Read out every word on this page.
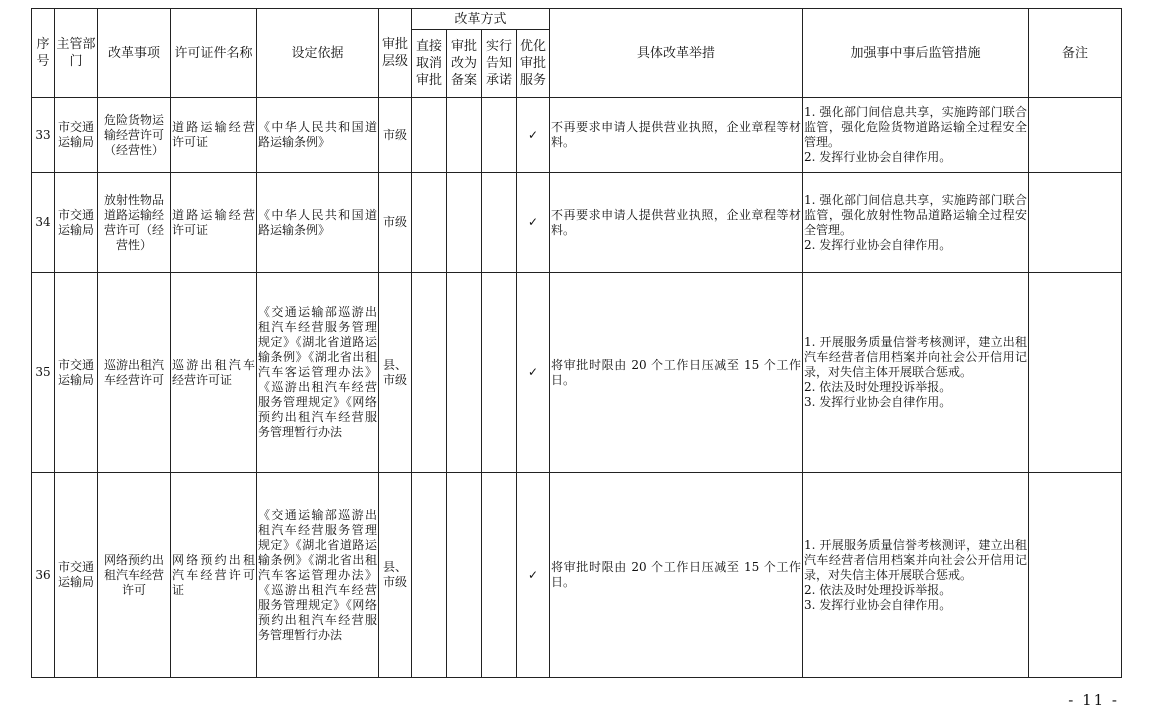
序号	主管部门	改革事项	许可证件名称	设定依据	审批层级	改革方式				具体改革举措	加强事中事后监管措施	备注
						直接取消审批	审批改为备案	实行告知承诺	优化审批服务			
33	市交通运输局	危险货物运输经营许可（经营性）	道路运输经营许可证	《中华人民共和国道路运输条例》	市级				✓	不再要求申请人提供营业执照，企业章程等材料。	1. 强化部门间信息共享，实施跨部门联合监管，强化危险货物道路运输全过程安全管理。
2. 发挥行业协会自律作用。	
34	市交通运输局	放射性物品道路运输经营许可（经营性）	道路运输经营许可证	《中华人民共和国道路运输条例》	市级				✓	不再要求申请人提供营业执照，企业章程等材料。	1. 强化部门间信息共享，实施跨部门联合监管，强化放射性物品道路运输全过程安全管理。
2. 发挥行业协会自律作用。	
35	市交通运输局	巡游出租汽车经营许可	巡游出租汽车经营许可证	《交通运输部巡游出租汽车经营服务管理规定》《湖北省道路运输条例》《湖北省出租汽车客运管理办法》《巡游出租汽车经营服务管理规定》《网络预约出租汽车经营服务管理暂行办法	县、市级				✓	将审批时限由 20 个工作日压减至 15 个工作日。	1. 开展服务质量信誉考核测评，建立出租汽车经营者信用档案并向社会公开信用记录，对失信主体开展联合惩戒。
2. 依法及时处理投诉举报。
3. 发挥行业协会自律作用。	
36	市交通运输局	网络预约出租汽车经营许可	网络预约出租汽车经营许可证	《交通运输部巡游出租汽车经营服务管理规定》《湖北省道路运输条例》《湖北省出租汽车客运管理办法》《巡游出租汽车经营服务管理规定》《网络预约出租汽车经营服务管理暂行办法	县、市级				✓	将审批时限由 20 个工作日压减至 15 个工作日。	1. 开展服务质量信誉考核测评，建立出租汽车经营者信用档案并向社会公开信用记录，对失信主体开展联合惩戒。
2. 依法及时处理投诉举报。
3. 发挥行业协会自律作用。	
- 11 -
